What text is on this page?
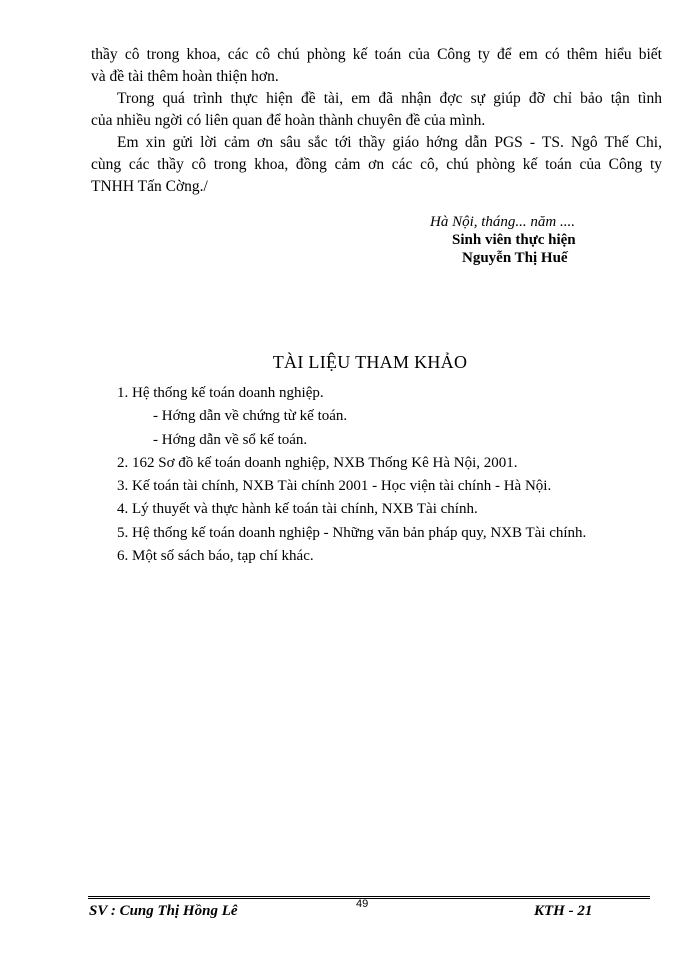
thầy cô trong khoa, các cô chú phòng kế toán của Công ty để em có thêm hiểu biết
và đề tài thêm hoàn thiện hơn.
Trong quá trình thực hiện đề tài, em đã nhận đợc sự giúp đỡ chỉ bảo tận tình
của nhiều ngời có liên quan để hoàn thành chuyên đề của mình.
Em xin gửi lời cảm ơn sâu sắc tới thầy giáo hớng dẫn PGS - TS. Ngô Thế Chi,
cùng các thầy cô trong khoa, đồng cảm ơn các cô, chú phòng kế toán của Công ty
TNHH Tấn Cờng./
Hà Nội, tháng... năm ....
Sinh viên thực hiện
Nguyễn Thị Huế
TÀI LIỆU THAM KHẢO
1. Hệ thống kế toán doanh nghiệp.
- Hớng dẫn về chứng từ kế toán.
- Hớng dẫn về sổ kế toán.
2. 162 Sơ đồ kế toán doanh nghiệp, NXB Thống Kê Hà Nội, 2001.
3. Kế toán tài chính, NXB Tài chính 2001 - Học viện tài chính - Hà Nội.
4. Lý thuyết và thực hành kế toán tài chính, NXB Tài chính.
5. Hệ thống kế toán doanh nghiệp - Những văn bản pháp quy, NXB Tài chính.
6. Một số sách báo, tạp chí khác.
SV : Cung Thị Hồng Lê	49	KTH - 21
